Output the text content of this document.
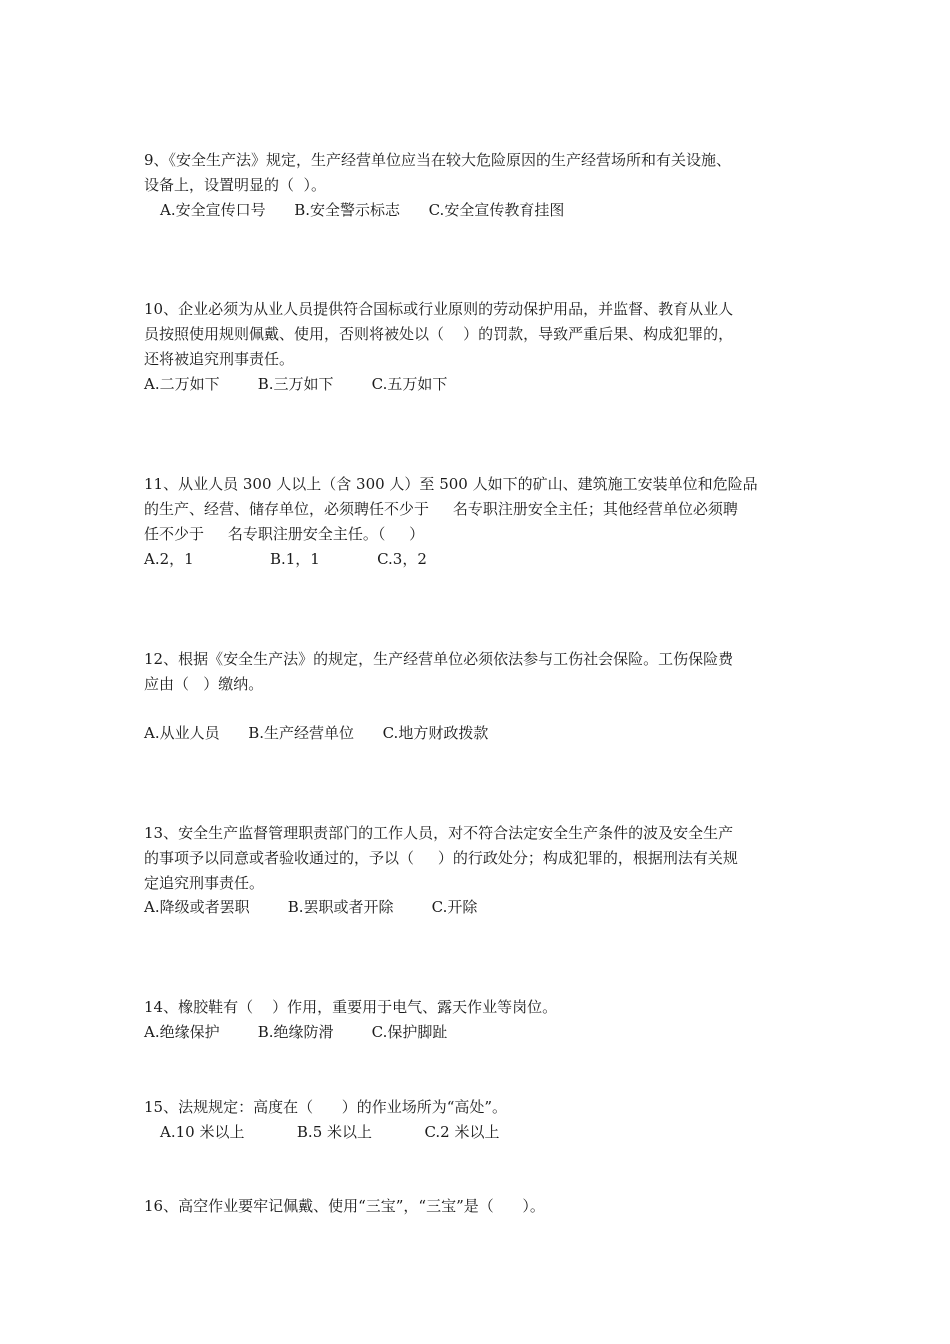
9、《安全生产法》规定，生产经营单位应当在较大危险原因的生产经营场所和有关设施、
设备上，设置明显的（  ）。
A.安全宣传口号      B.安全警示标志      C.安全宣传教育挂图
10、企业必须为从业人员提供符合国标或行业原则的劳动保护用品，并监督、教育从业人
员按照使用规则佩戴、使用，否则将被处以（    ）的罚款，导致严重后果、构成犯罪的，
还将被追究刑事责任。
A.二万如下        B.三万如下        C.五万如下
11、从业人员 300 人以上（含 300 人）至 500 人如下的矿山、建筑施工安装单位和危险品
的生产、经营、储存单位，必须聘任不少于     名专职注册安全主任；其他经营单位必须聘
任不少于     名专职注册安全主任。（     ）
A.2，1                B.1，1            C.3，2
12、根据《安全生产法》的规定，生产经营单位必须依法参与工伤社会保险。工伤保险费
应由（   ）缴纳。
A.从业人员      B.生产经营单位      C.地方财政拨款
13、安全生产监督管理职责部门的工作人员，对不符合法定安全生产条件的波及安全生产
的事项予以同意或者验收通过的，予以（     ）的行政处分；构成犯罪的，根据刑法有关规
定追究刑事责任。
A.降级或者罢职        B.罢职或者开除        C.开除
14、橡胶鞋有（    ）作用，重要用于电气、露天作业等岗位。
A.绝缘保护        B.绝缘防滑        C.保护脚趾
15、法规规定：高度在（      ）的作业场所为“高处”。
A.10 米以上           B.5 米以上           C.2 米以上
16、高空作业要牢记佩戴、使用“三宝”，“三宝”是（      ）。
